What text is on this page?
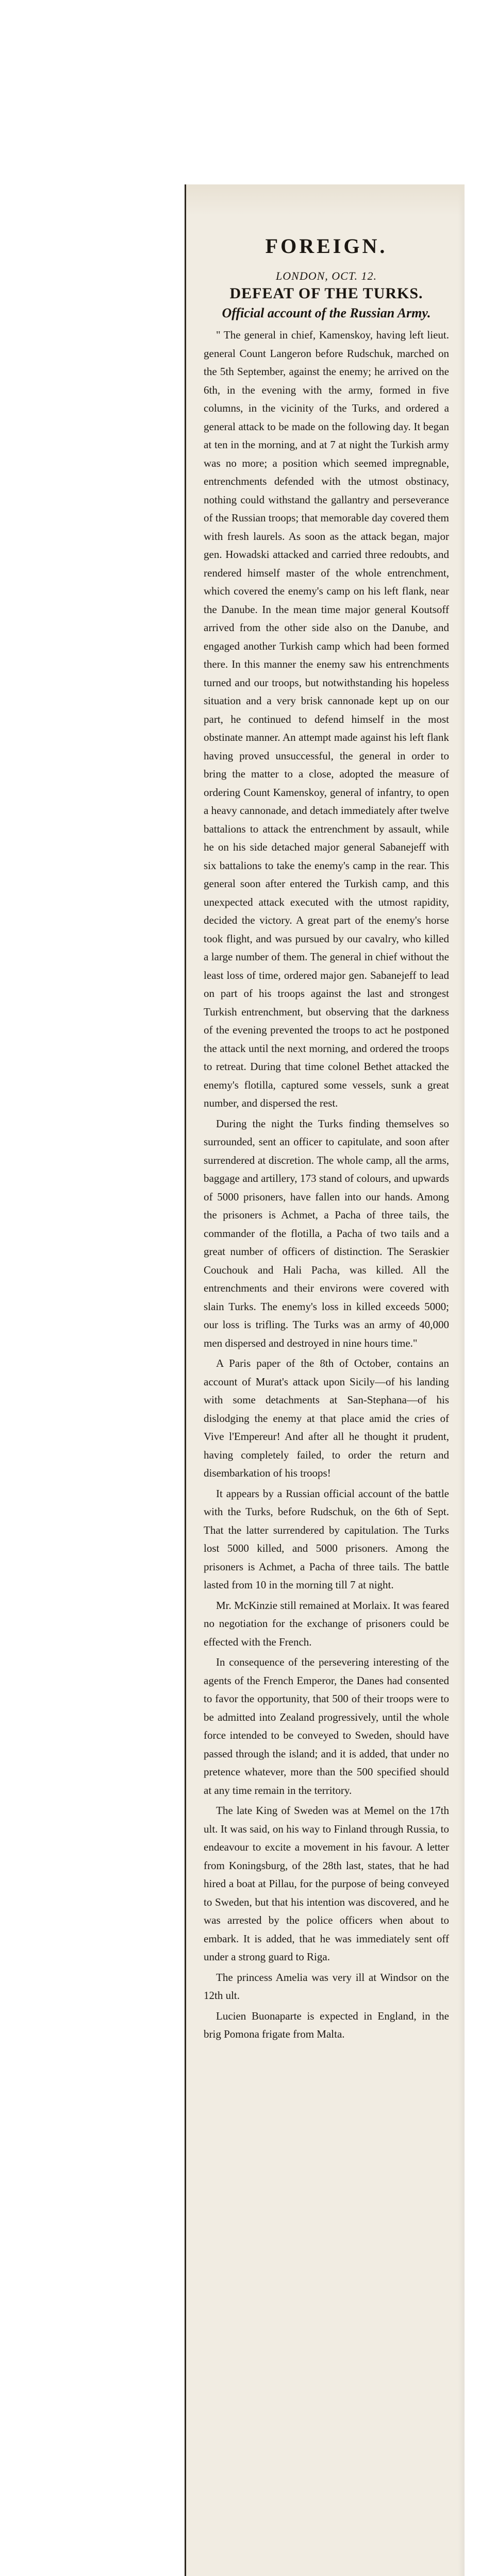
FOREIGN.
LONDON, OCT. 12.
DEFEAT OF THE TURKS.
Official account of the Russian Army.

" The general in chief, Kamenskoy, having left lieut. general Count Langeron before Rudschuk, marched on the 5th September, against the enemy; he arrived on the 6th, in the evening with the army, formed in five columns, in the vicinity of the Turks, and ordered a general attack to be made on the following day. It began at ten in the morning, and at 7 at night the Turkish army was no more; a position which seemed impregnable, entrenchments defended with the utmost obstinacy, nothing could withstand the gallantry and perseverance of the Russian troops; that memorable day covered them with fresh laurels. As soon as the attack began, major gen. Howadski attacked and carried three redoubts, and rendered himself master of the whole entrenchment, which covered the enemy's camp on his left flank, near the Danube. In the mean time major general Koutsoff arrived from the other side also on the Danube, and engaged another Turkish camp which had been formed there. In this manner the enemy saw his entrenchments turned and our troops, but notwithstanding his hopeless situation and a very brisk cannonade kept up on our part, he continued to defend himself in the most obstinate manner. An attempt made against his left flank having proved unsuccessful, the general in order to bring the matter to a close, adopted the measure of ordering Count Kamenskoy, general of infantry, to open a heavy cannonade, and detach immediately after twelve battalions to attack the entrenchment by assault, while he on his side detached major general Sabanejeff with six battalions to take the enemy's camp in the rear. This general soon after entered the Turkish camp, and this unexpected attack executed with the utmost rapidity, decided the victory. A great part of the enemy's horse took flight, and was pursued by our cavalry, who killed a large number of them. The general in chief without the least loss of time, ordered major gen. Sabanejeff to lead on part of his troops against the last and strongest Turkish entrenchment, but observing that the darkness of the evening prevented the troops to act he postponed the attack until the next morning, and ordered the troops to retreat. During that time colonel Bethet attacked the enemy's flotilla, captured some vessels, sunk a great number, and dispersed the rest.

During the night the Turks finding themselves so surrounded, sent an officer to capitulate, and soon after surrendered at discretion. The whole camp, all the arms, baggage and artillery, 173 stand of colours, and upwards of 5000 prisoners, have fallen into our hands. Among the prisoners is Achmet, a Pacha of three tails, the commander of the flotilla, a Pacha of two tails and a great number of officers of distinction. The Seraskier Couchouk and Hali Pacha, was killed. All the entrenchments and their environs were covered with slain Turks. The enemy's loss in killed exceeds 5000; our loss is trifling. The Turks was an army of 40,000 men dispersed and destroyed in nine hours time."

A Paris paper of the 8th of October, contains an account of Murat's attack upon Sicily—of his landing with some detachments at San-Stephana—of his dislodging the enemy at that place amid the cries of Vive l'Empereur! And after all he thought it prudent, having completely failed, to order the return and disembarkation of his troops!

It appears by a Russian official account of the battle with the Turks, before Rudschuk, on the 6th of Sept. That the latter surrendered by capitulation. The Turks lost 5000 killed, and 5000 prisoners. Among the prisoners is Achmet, a Pacha of three tails. The battle lasted from 10 in the morning till 7 at night.

Mr. McKinzie still remained at Morlaix. It was feared no negotiation for the exchange of prisoners could be effected with the French.

In consequence of the persevering interesting of the agents of the French Emperor, the Danes had consented to favor the opportunity, that 500 of their troops were to be admitted into Zealand progressively, until the whole force intended to be conveyed to Sweden, should have passed through the island; and it is added, that under no pretence whatever, more than the 500 specified should at any time remain in the territory.

The late King of Sweden was at Memel on the 17th ult. It was said, on his way to Finland through Russia, to endeavour to excite a movement in his favour. A letter from Koningsburg, of the 28th last, states, that he had hired a boat at Pillau, for the purpose of being conveyed to Sweden, but that his intention was discovered, and he was arrested by the police officers when about to embark. It is added, that he was immediately sent off under a strong guard to Riga.

The princess Amelia was very ill at Windsor on the 12th ult.

Lucien Buonaparte is expected in England, in the brig Pomona frigate from Malta.
